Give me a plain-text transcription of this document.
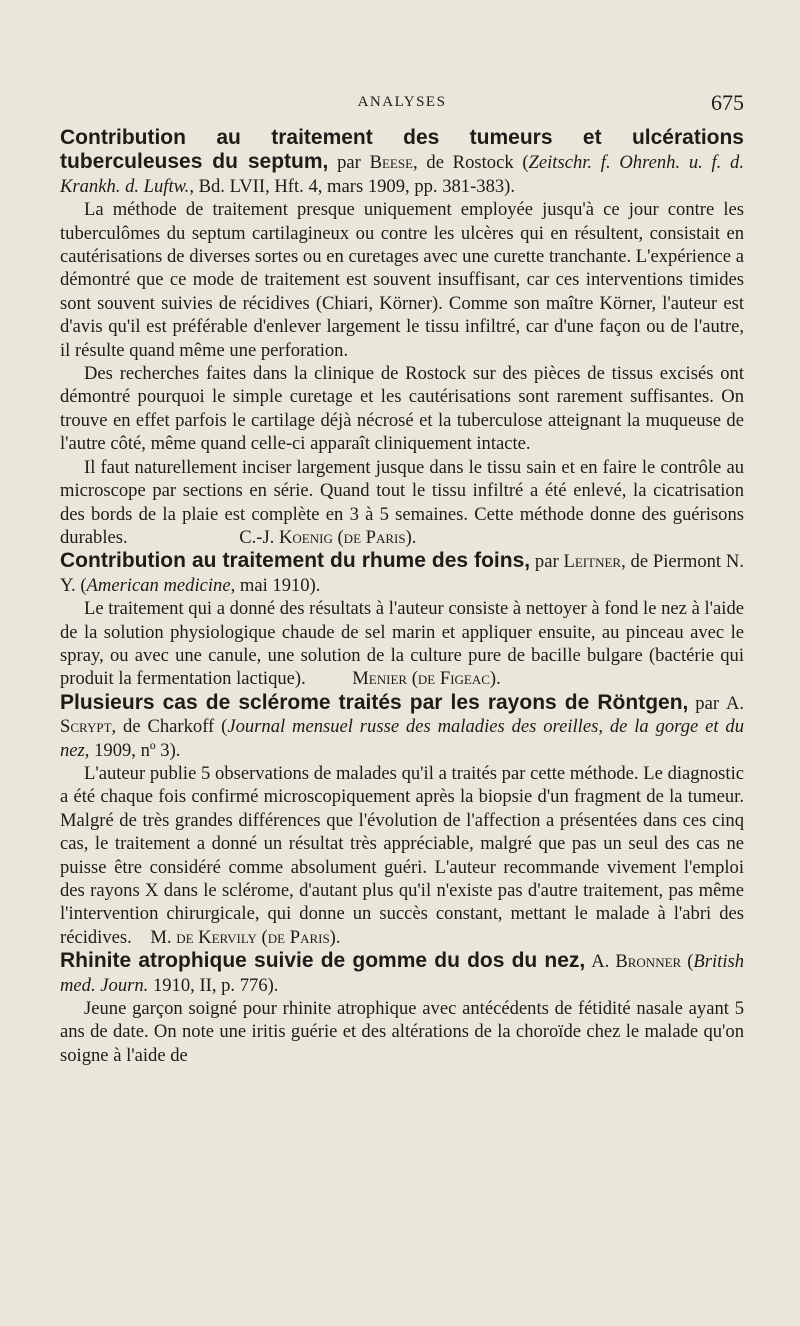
ANALYSES	675

Contribution au traitement des tumeurs et ulcérations tuberculeuses du septum, par Beese, de Rostock (Zeitschr. f. Ohrenh. u. f. d. Krankh. d. Luftw., Bd. LVII, Hft. 4, mars 1909, pp. 381-383).

La méthode de traitement presque uniquement employée jusqu'à ce jour contre les tuberculômes du septum cartilagineux ou contre les ulcères qui en résultent, consistait en cautérisations de diverses sortes ou en curetages avec une curette tranchante. L'expérience a démontré que ce mode de traitement est souvent insuffisant, car ces interventions timides sont souvent suivies de récidives (Chiari, Körner). Comme son maître Körner, l'auteur est d'avis qu'il est préférable d'enlever largement le tissu infiltré, car d'une façon ou de l'autre, il résulte quand même une perforation.

Des recherches faites dans la clinique de Rostock sur des pièces de tissus excisés ont démontré pourquoi le simple curetage et les cautérisations sont rarement suffisantes. On trouve en effet parfois le cartilage déjà nécrosé et la tuberculose atteignant la muqueuse de l'autre côté, même quand celle-ci apparaît cliniquement intacte.

Il faut naturellement inciser largement jusque dans le tissu sain et en faire le contrôle au microscope par sections en série. Quand tout le tissu infiltré a été enlevé, la cicatrisation des bords de la plaie est complète en 3 à 5 semaines. Cette méthode donne des guérisons durables.	C.-J. Koenig (de Paris).

Contribution au traitement du rhume des foins, par Leitner, de Piermont N. Y. (American medicine, mai 1910).

Le traitement qui a donné des résultats à l'auteur consiste à nettoyer à fond le nez à l'aide de la solution physiologique chaude de sel marin et appliquer ensuite, au pinceau avec le spray, ou avec une canule, une solution de la culture pure de bacille bulgare (bactérie qui produit la fermentation lactique). Menier (de Figeac).

Plusieurs cas de sclérome traités par les rayons de Röntgen, par A. Scrypt, de Charkoff (Journal mensuel russe des maladies des oreilles, de la gorge et du nez, 1909, nº 3).

L'auteur publie 5 observations de malades qu'il a traités par cette méthode. Le diagnostic a été chaque fois confirmé microscopiquement après la biopsie d'un fragment de la tumeur. Malgré de très grandes différences que l'évolution de l'affection a présentées dans ces cinq cas, le traitement a donné un résultat très appréciable, malgré que pas un seul des cas ne puisse être considéré comme absolument guéri. L'auteur recommande vivement l'emploi des rayons X dans le sclérome, d'autant plus qu'il n'existe pas d'autre traitement, pas même l'intervention chirurgicale, qui donne un succès constant, mettant le malade à l'abri des récidives. M. de Kervily (de Paris).

Rhinite atrophique suivie de gomme du dos du nez, A. Bronner (British med. Journ. 1910, II, p. 776).

Jeune garçon soigné pour rhinite atrophique avec antécédents de fétidité nasale ayant 5 ans de date. On note une iritis guérie et des altérations de la choroïde chez le malade qu'on soigne à l'aide de
